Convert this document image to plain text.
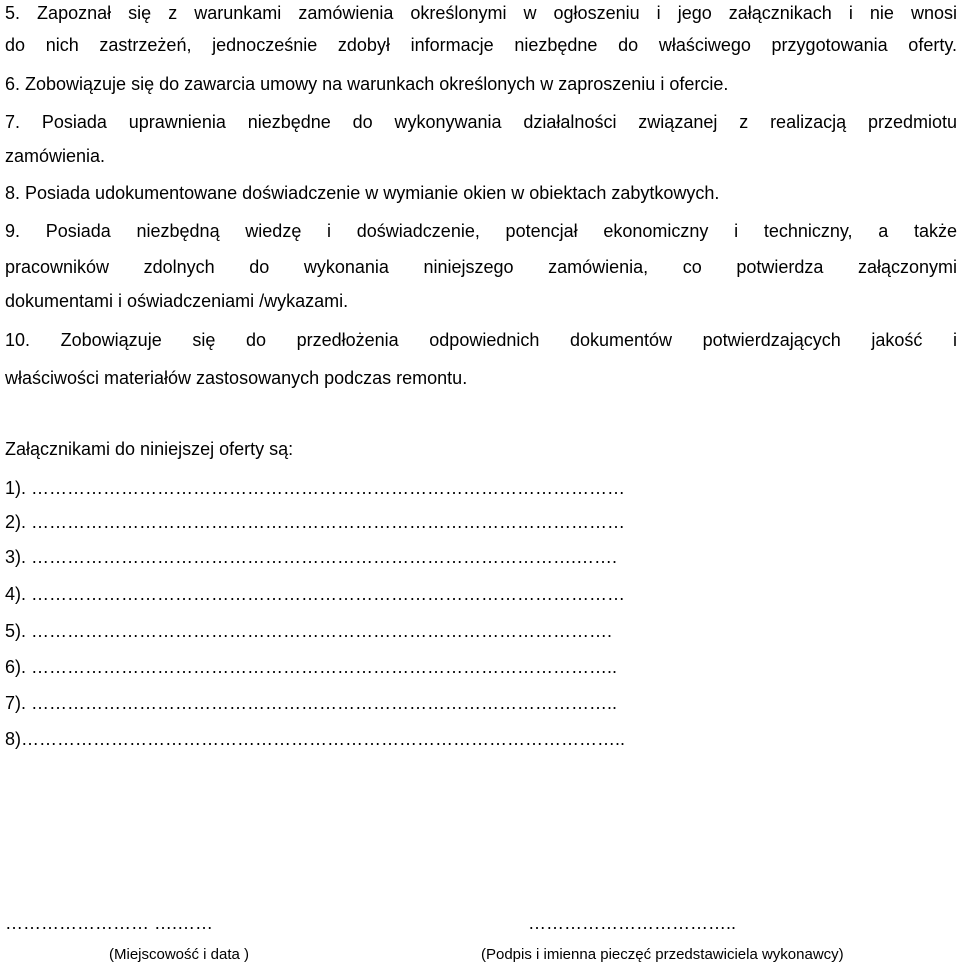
5. Zapoznał się z warunkami zamówienia określonymi w ogłoszeniu i jego załącznikach i nie wnosi
do nich zastrzeżeń, jednocześnie zdobył informacje niezbędne do właściwego przygotowania oferty.
6. Zobowiązuje się do zawarcia umowy na warunkach określonych w zaproszeniu i ofercie.
7. Posiada uprawnienia niezbędne do wykonywania działalności związanej z realizacją przedmiotu
zamówienia.
8. Posiada udokumentowane doświadczenie w wymianie okien w obiektach zabytkowych.
9. Posiada niezbędną wiedzę i doświadczenie, potencjał ekonomiczny i techniczny, a także
pracowników zdolnych do wykonania niniejszego zamówienia, co potwierdza załączonymi
dokumentami i oświadczeniami /wykazami.
10. Zobowiązuje się do przedłożenia odpowiednich dokumentów potwierdzających jakość i
właściwości materiałów zastosowanych podczas remontu.
Załącznikami do niniejszej oferty są:
1). ………………………………………………………………………………………
2). ………………………………………………………………………………………
3). ……………………………………………………………………………….…….
4). ………………………………………………………………………………………
5). …………………………………………………………………………………….
6). ……………………………………………………………………………………..
7). ……………………………………………………………………………………..
8)………………………………………………………………………………………..
…………………… ….……	……………………………..
(Miejscowość i data )	(Podpis i imienna pieczęć przedstawiciela wykonawcy)
